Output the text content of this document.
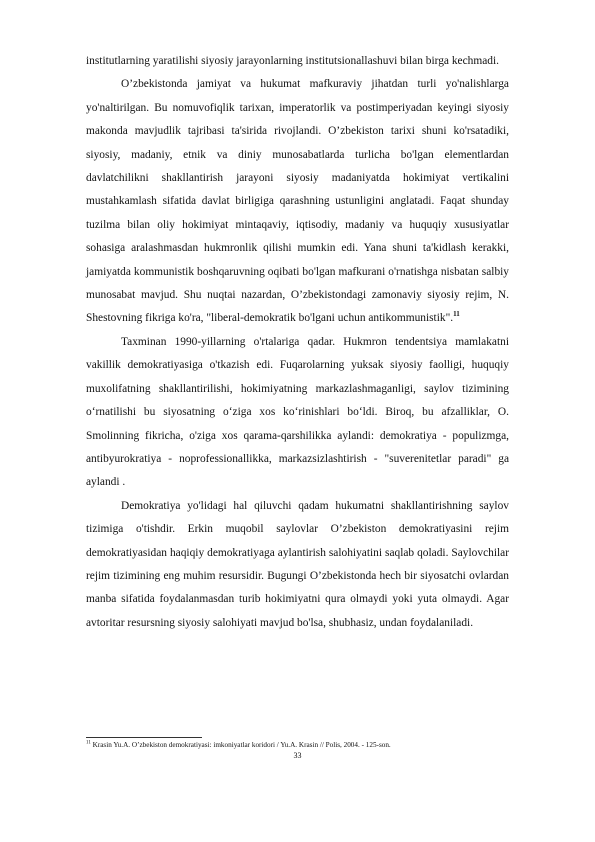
institutlarning yaratilishi siyosiy jarayonlarning institutsionallashuvi bilan birga kechmadi.

O’zbekistonda jamiyat va hukumat mafkuraviy jihatdan turli yo'nalishlarga yo'naltirilgan. Bu nomuvofiqlik tarixan, imperatorlik va postimperiyadan keyingi siyosiy makonda mavjudlik tajribasi ta'sirida rivojlandi. O’zbekiston tarixi shuni ko'rsatadiki, siyosiy, madaniy, etnik va diniy munosabatlarda turlicha bo'lgan elementlardan davlatchilikni shakllantirish jarayoni siyosiy madaniyatda hokimiyat vertikalini mustahkamlash sifatida davlat birligiga qarashning ustunligini anglatadi. Faqat shunday tuzilma bilan oliy hokimiyat mintaqaviy, iqtisodiy, madaniy va huquqiy xususiyatlar sohasiga aralashmasdan hukmronlik qilishi mumkin edi. Yana shuni ta'kidlash kerakki, jamiyatda kommunistik boshqaruvning oqibati bo'lgan mafkurani o'rnatishga nisbatan salbiy munosabat mavjud. Shu nuqtai nazardan, O’zbekistondagi zamonaviy siyosiy rejim, N. Shestovning fikriga ko'ra, "liberal-demokratik bo'lgani uchun antikommunistik".$^{11}$

Taxminan 1990-yillarning o'rtalariga qadar. Hukmron tendentsiya mamlakatni vakillik demokratiyasiga o'tkazish edi. Fuqarolarning yuksak siyosiy faolligi, huquqiy muxolifatning shakllantirilishi, hokimiyatning markazlashmaganligi, saylov tizimining o‘rnatilishi bu siyosatning o‘ziga xos ko‘rinishlari bo‘ldi. Biroq, bu afzalliklar, O. Smolinning fikricha, o'ziga xos qarama-qarshilikka aylandi: demokratiya - populizmga, antibyurokratiya - noprofessionallikka, markazsizlashtirish - "suverenitetlar paradi" ga aylandi .

Demokratiya yo'lidagi hal qiluvchi qadam hukumatni shakllantirishning saylov tizimiga o'tishdir. Erkin muqobil saylovlar O’zbekiston demokratiyasini rejim demokratiyasidan haqiqiy demokratiyaga aylantirish salohiyatini saqlab qoladi. Saylovchilar rejim tizimining eng muhim resursidir. Bugungi O’zbekistonda hech bir siyosatchi ovlardan manba sifatida foydalanmasdan turib hokimiyatni qura olmaydi yoki yuta olmaydi. Agar avtoritar resursning siyosiy salohiyati mavjud bo'lsa, shubhasiz, undan foydalaniladi.

$^{11}$ Krasin Yu.A. O’zbekiston demokratiyasi: imkoniyatlar koridori / Yu.A. Krasin // Polis, 2004. - 125-son.
33
